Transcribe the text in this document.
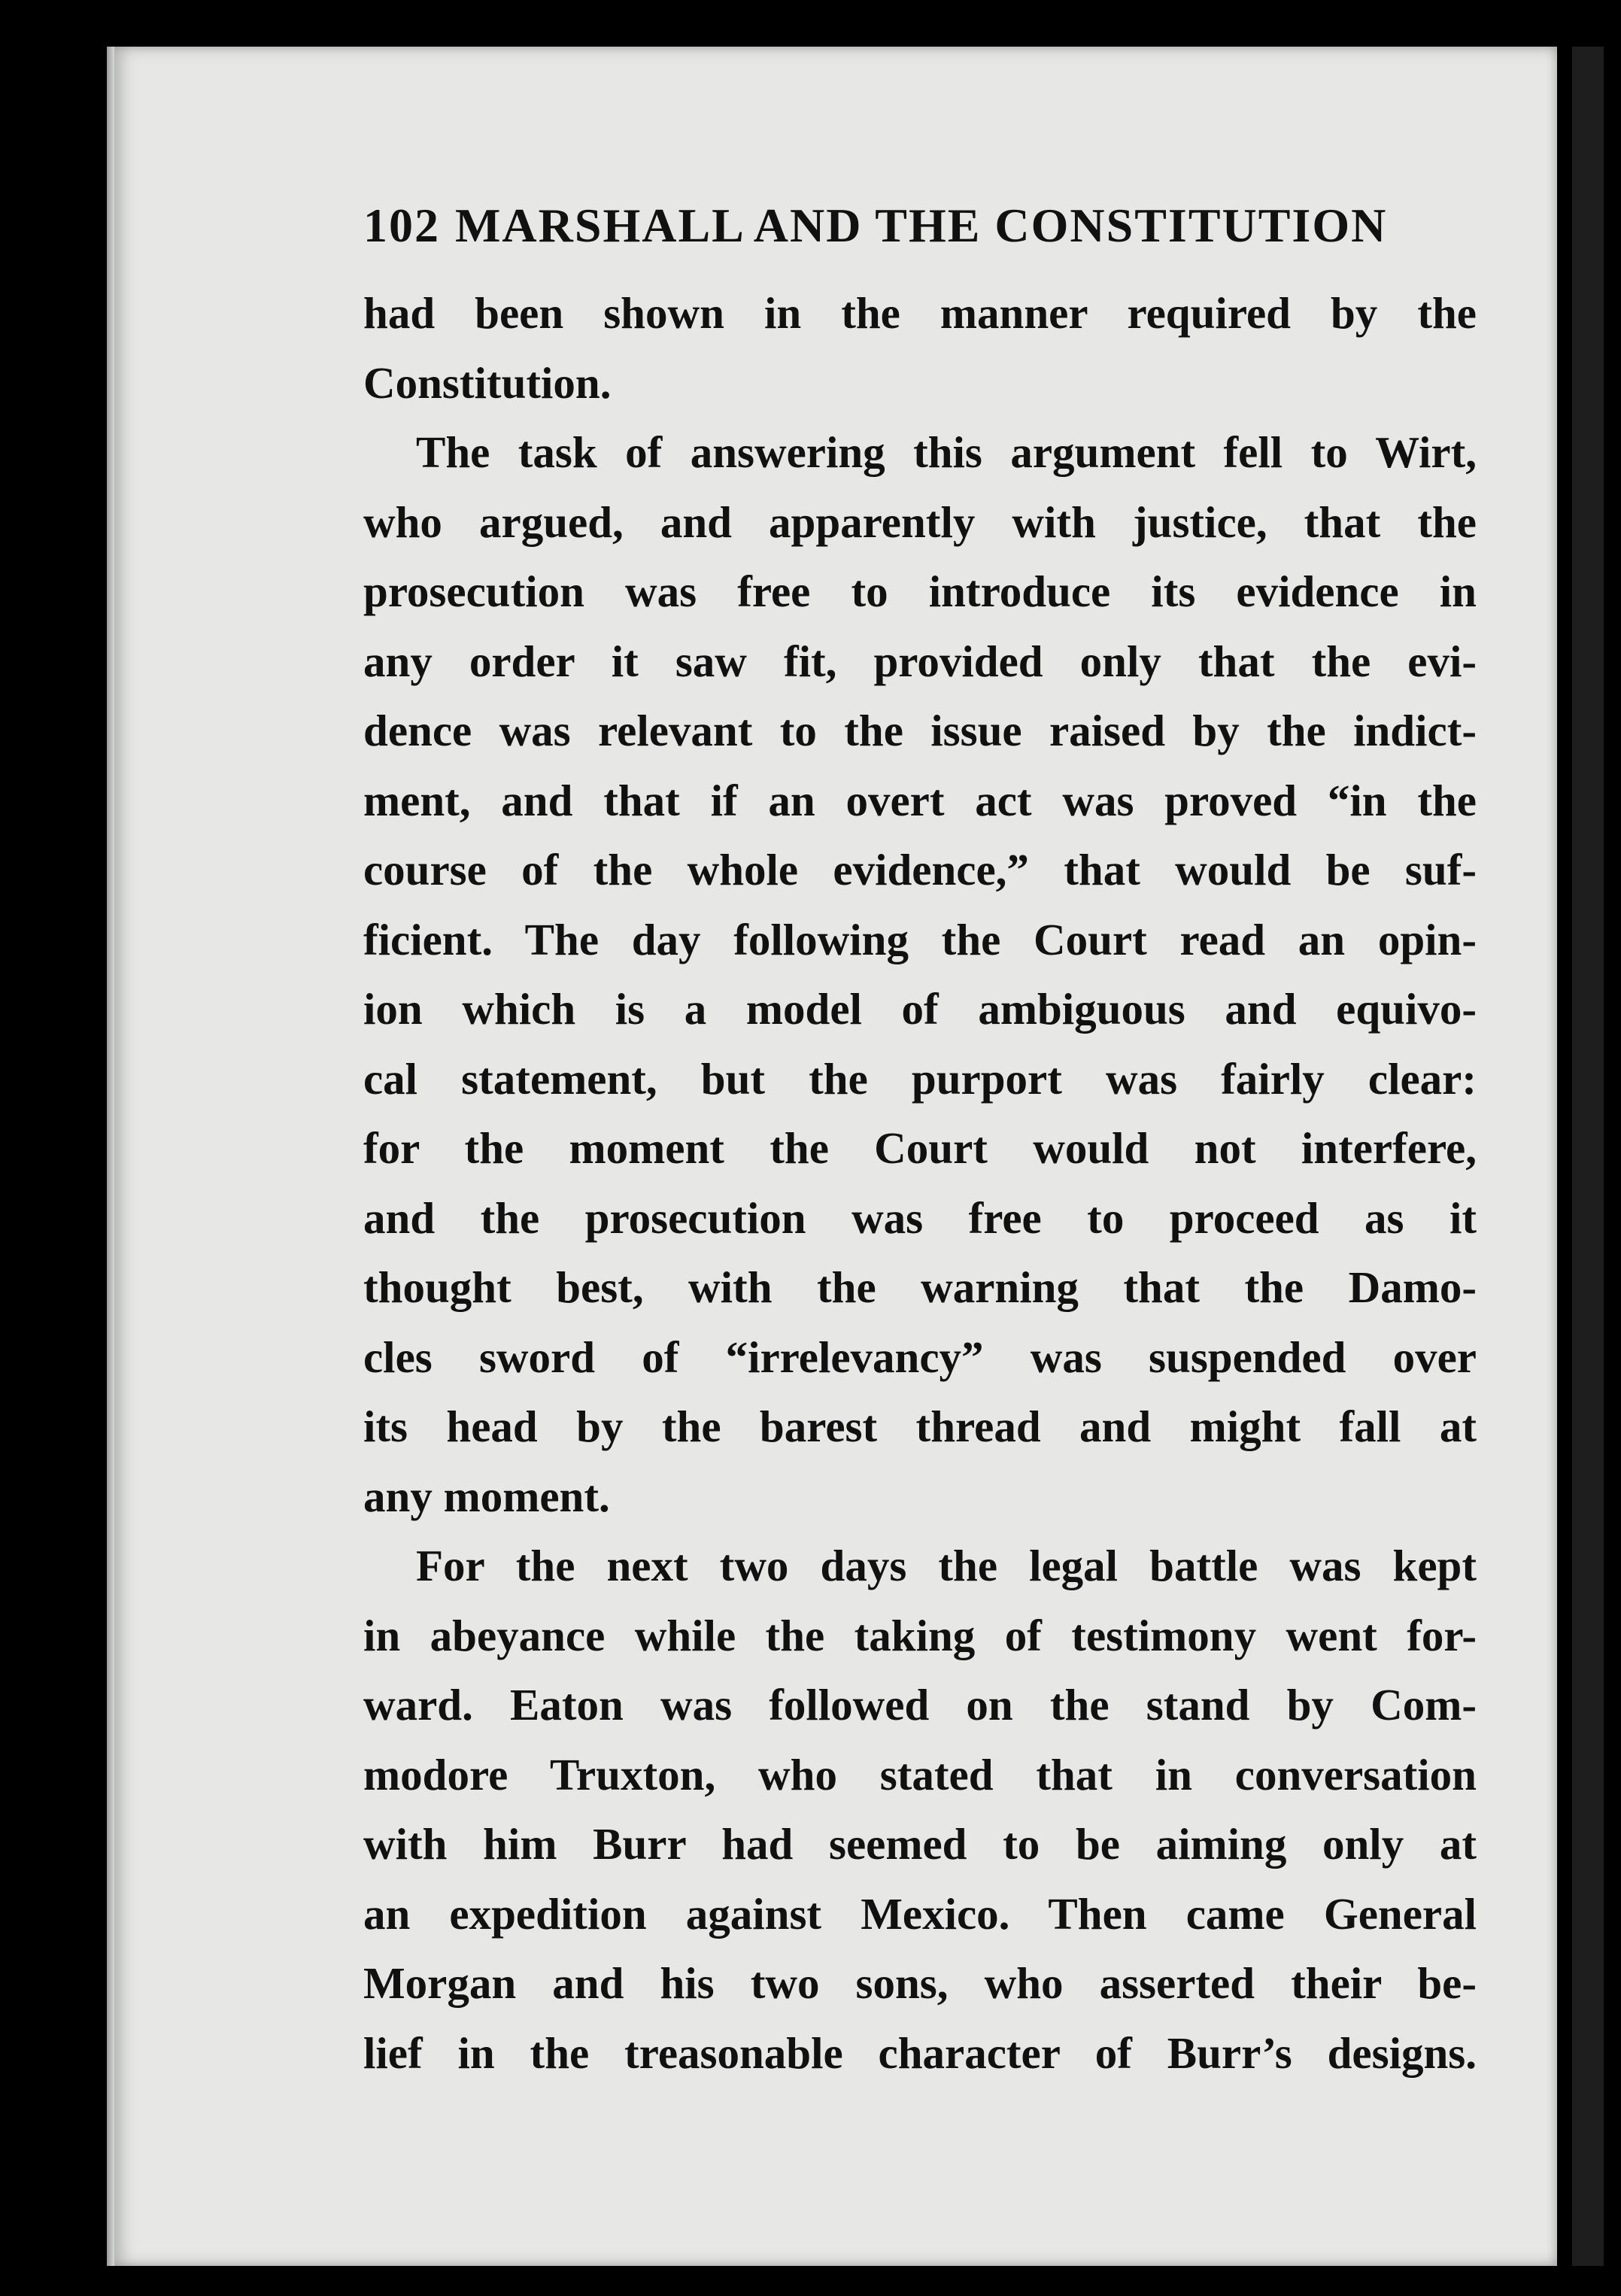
102 MARSHALL AND THE CONSTITUTION
had been shown in the manner required by the
Constitution.
The task of answering this argument fell to Wirt,
who argued, and apparently with justice, that the
prosecution was free to introduce its evidence in
any order it saw fit, provided only that the evi-
dence was relevant to the issue raised by the indict-
ment, and that if an overt act was proved “in the
course of the whole evidence,” that would be suf-
ficient. The day following the Court read an opin-
ion which is a model of ambiguous and equivo-
cal statement, but the purport was fairly clear:
for the moment the Court would not interfere,
and the prosecution was free to proceed as it
thought best, with the warning that the Damo-
cles sword of “irrelevancy” was suspended over
its head by the barest thread and might fall at
any moment.
For the next two days the legal battle was kept
in abeyance while the taking of testimony went for-
ward. Eaton was followed on the stand by Com-
modore Truxton, who stated that in conversation
with him Burr had seemed to be aiming only at
an expedition against Mexico. Then came General
Morgan and his two sons, who asserted their be-
lief in the treasonable character of Burr’s designs.
